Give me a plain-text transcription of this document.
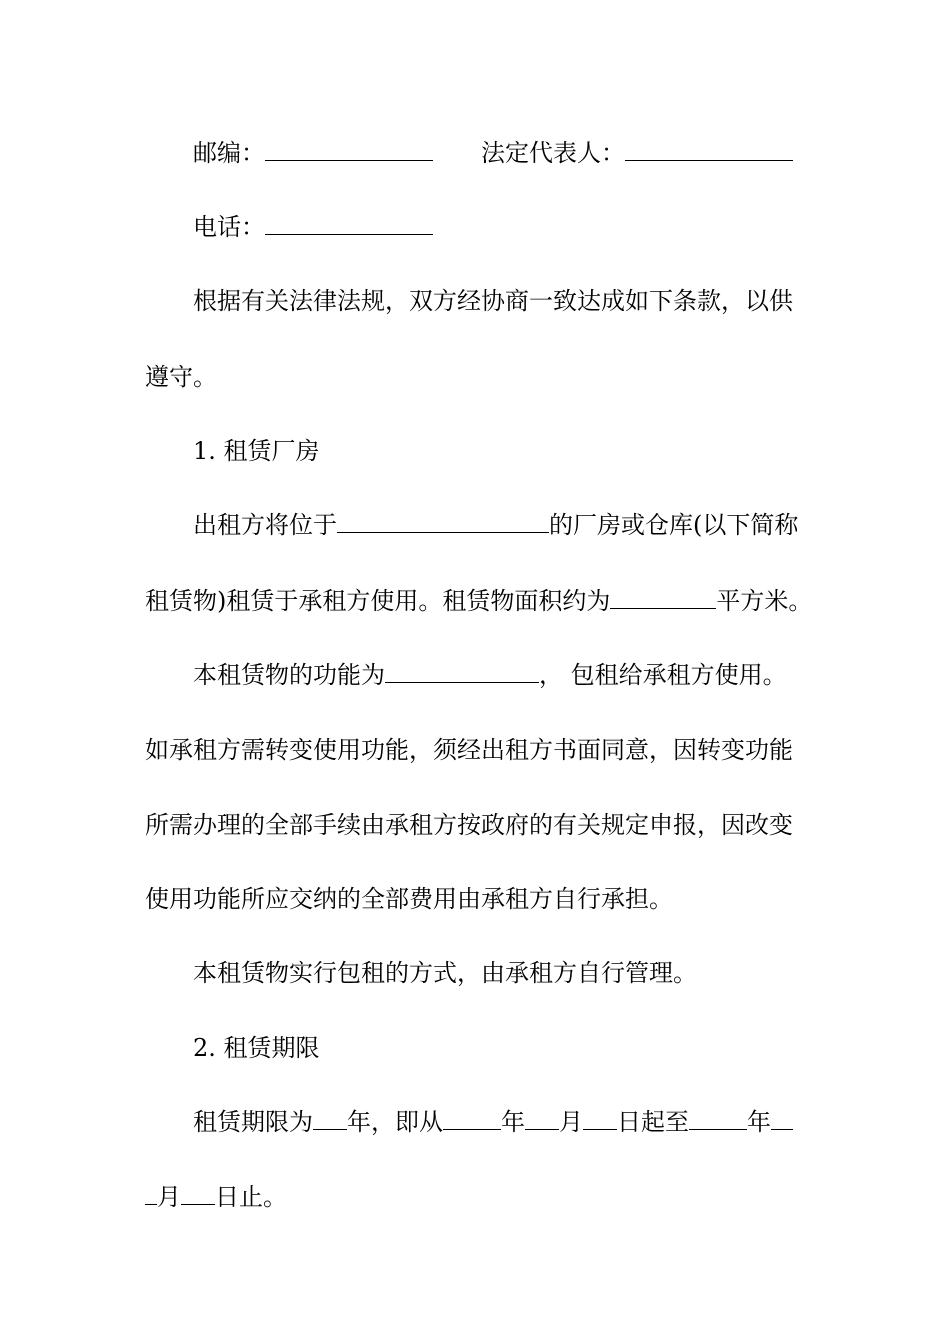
邮编：	法定代表人：
电话：
根据有关法律法规，双方经协商一致达成如下条款，以供
遵守。
1. 租赁厂房
出租方将位于	的厂房或仓库(以下简称
租赁物)租赁于承租方使用。租赁物面积约为	平方米。
本租赁物的功能为	， 包租给承租方使用。
如承租方需转变使用功能，须经出租方书面同意，因转变功能
所需办理的全部手续由承租方按政府的有关规定申报，因改变
使用功能所应交纳的全部费用由承租方自行承担。
本租赁物实行包租的方式，由承租方自行管理。
2. 租赁期限
租赁期限为 年，即从 年 月 日起至 年
月 日止。
